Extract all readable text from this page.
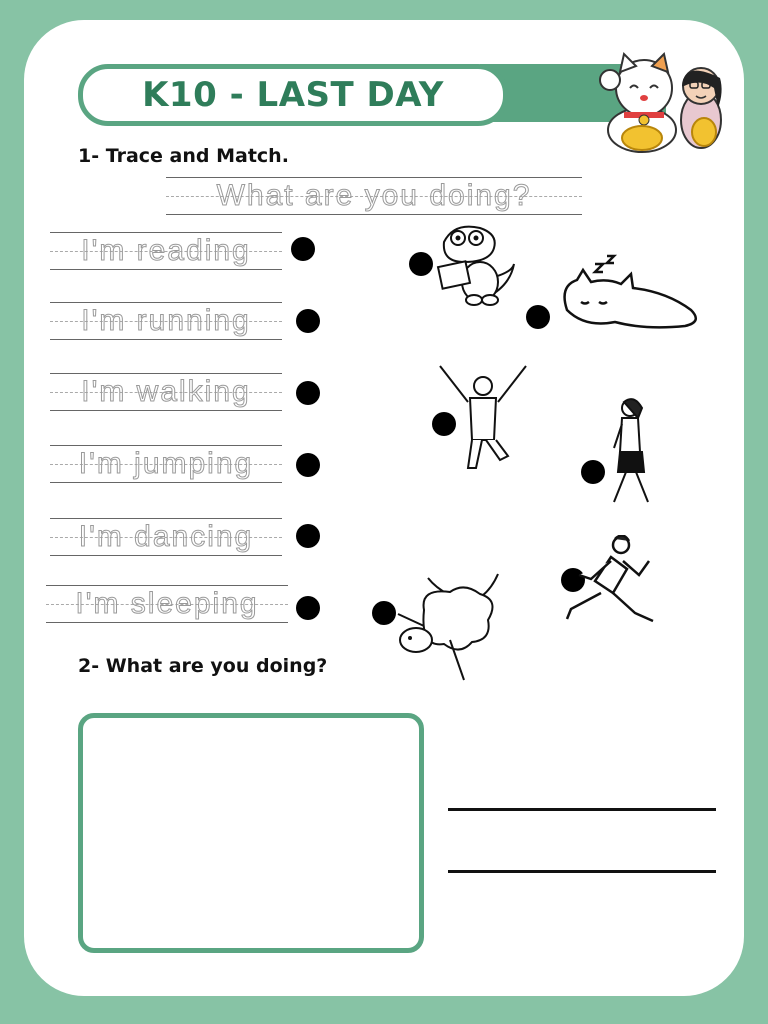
K10 - LAST DAY
1- Trace and Match.
What are you doing?
I'm reading
I'm running
I'm walking
I'm jumping
I'm dancing
I'm sleeping
2- What are you doing?
